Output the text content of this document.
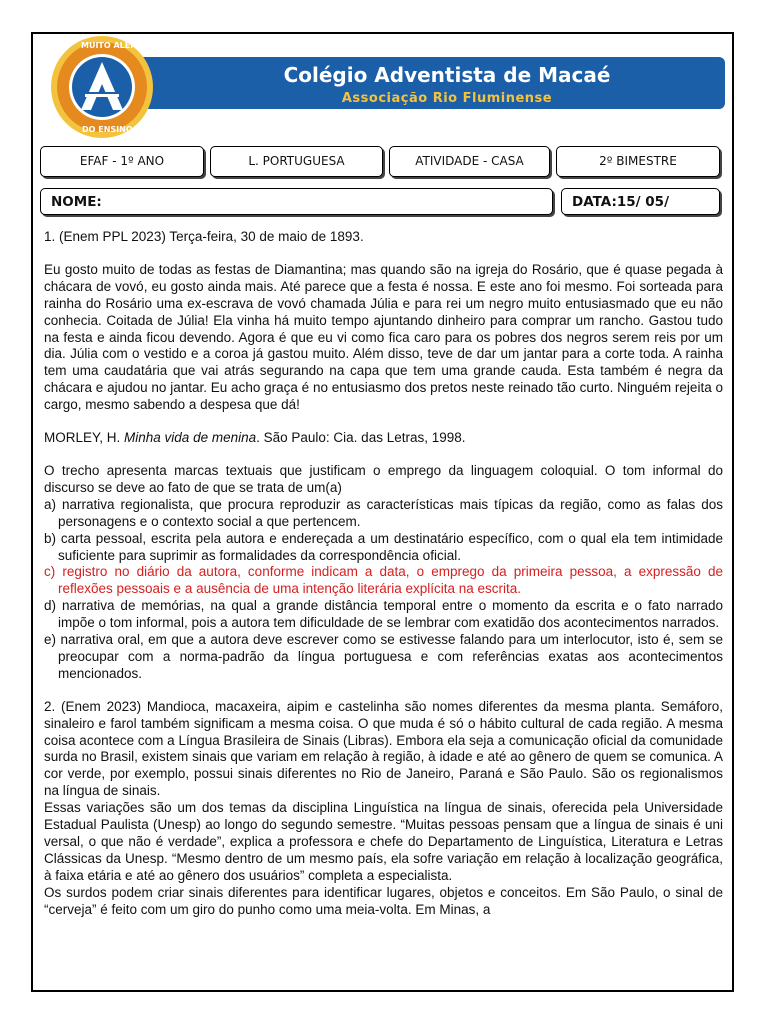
MUITO ALÉM
DO ENSINO
Colégio Adventista de Macaé
Associação Rio Fluminense
EFAF - 1º ANO	L. PORTUGUESA	ATIVIDADE - CASA	2º BIMESTRE
NOME:	DATA:15/ 05/

1. (Enem PPL 2023) Terça-feira, 30 de maio de 1893.

Eu gosto muito de todas as festas de Diamantina; mas quando são na igreja do Rosário, que é quase pegada à chácara de vovó, eu gosto ainda mais. Até parece que a festa é nossa. E este ano foi mesmo. Foi sorteada para rainha do Rosário uma ex-escrava de vovó chamada Júlia e para rei um negro muito entusiasmado que eu não conhecia. Coitada de Júlia! Ela vinha há muito tempo ajuntando dinheiro para comprar um rancho. Gastou tudo na festa e ainda ficou devendo. Agora é que eu vi como fica caro para os pobres dos negros serem reis por um dia. Júlia com o vestido e a coroa já gastou muito. Além disso, teve de dar um jantar para a corte toda. A rainha tem uma caudatária que vai atrás segurando na capa que tem uma grande cauda. Esta também é negra da chácara e ajudou no jantar. Eu acho graça é no entusiasmo dos pretos neste reinado tão curto. Ninguém rejeita o cargo, mesmo sabendo a despesa que dá!

MORLEY, H. Minha vida de menina. São Paulo: Cia. das Letras, 1998.

O trecho apresenta marcas textuais que justificam o emprego da linguagem coloquial. O tom informal do discurso se deve ao fato de que se trata de um(a)

a) narrativa regionalista, que procura reproduzir as características mais típicas da região, como as falas dos personagens e o contexto social a que pertencem.

b) carta pessoal, escrita pela autora e endereçada a um destinatário específico, com o qual ela tem intimidade suficiente para suprimir as formalidades da correspondência oficial.

c) registro no diário da autora, conforme indicam a data, o emprego da primeira pessoa, a expressão de reflexões pessoais e a ausência de uma intenção literária explícita na escrita.

d) narrativa de memórias, na qual a grande distância temporal entre o momento da escrita e o fato narrado impõe o tom informal, pois a autora tem dificuldade de se lembrar com exatidão dos acontecimentos narrados.

e) narrativa oral, em que a autora deve escrever como se estivesse falando para um interlocutor, isto é, sem se preocupar com a norma-padrão da língua portuguesa e com referências exatas aos acontecimentos mencionados.

2. (Enem 2023) Mandioca, macaxeira, aipim e castelinha são nomes diferentes da mesma planta. Semáforo, sinaleiro e farol também significam a mesma coisa. O que muda é só o hábito cultural de cada região. A mesma coisa acontece com a Língua Brasileira de Sinais (Libras). Embora ela seja a comunicação oficial da comunidade surda no Brasil, existem sinais que variam em relação à região, à idade e até ao gênero de quem se comunica. A cor verde, por exemplo, possui sinais diferentes no Rio de Janeiro, Paraná e São Paulo. São os regionalismos na língua de sinais.

Essas variações são um dos temas da disciplina Linguística na língua de sinais, oferecida pela Universidade Estadual Paulista (Unesp) ao longo do segundo semestre. “Muitas pessoas pensam que a língua de sinais é uni versal, o que não é verdade”, explica a professora e chefe do Departamento de Linguística, Literatura e Letras Clássicas da Unesp. “Mesmo dentro de um mesmo país, ela sofre variação em relação à localização geográfica, à faixa etária e até ao gênero dos usuários” completa a especialista.

Os surdos podem criar sinais diferentes para identificar lugares, objetos e conceitos. Em São Paulo, o sinal de “cerveja” é feito com um giro do punho como uma meia-volta. Em Minas, a
